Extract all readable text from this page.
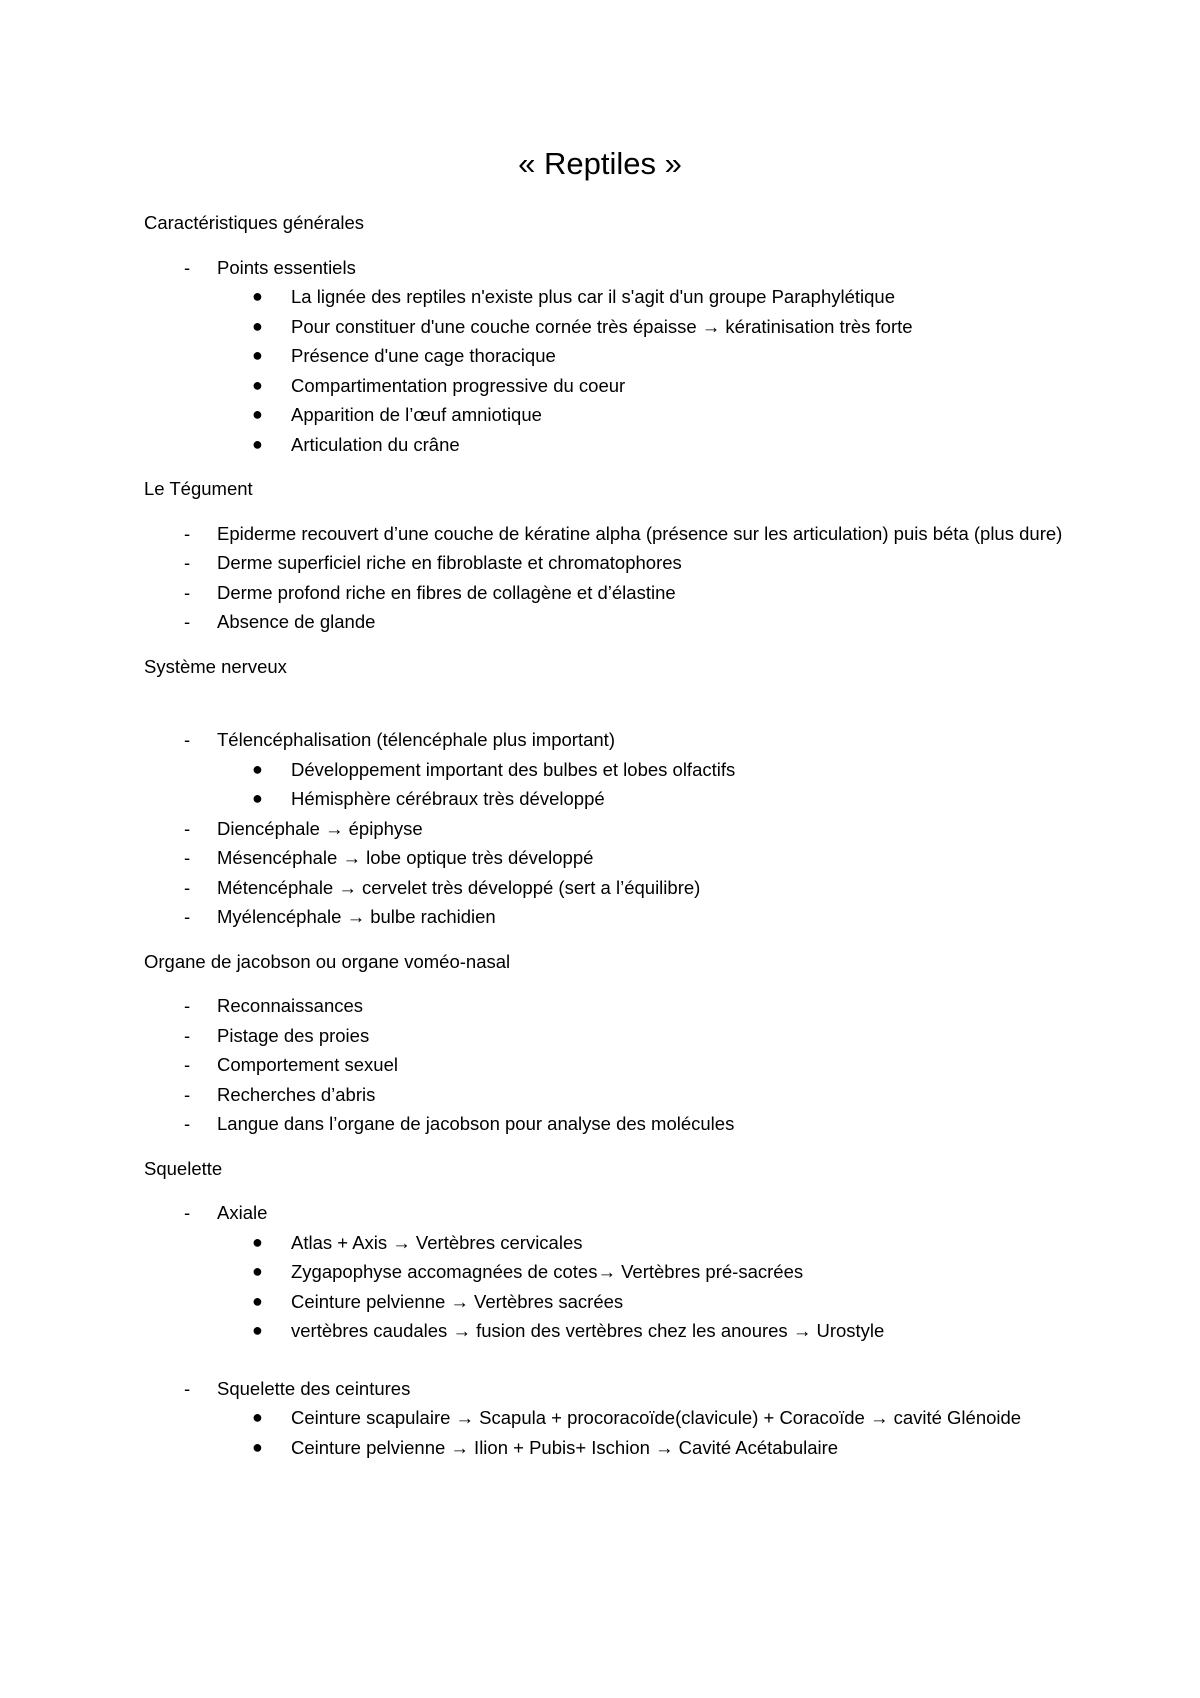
« Reptiles »
Caractéristiques générales
- Points essentiels
● La lignée des reptiles n'existe plus car il s'agit d'un groupe Paraphylétique
● Pour constituer d'une couche cornée très épaisse → kératinisation très forte
● Présence d'une cage thoracique
● Compartimentation progressive du coeur
● Apparition de l’œuf amniotique
● Articulation du crâne
Le Tégument
- Epiderme recouvert d’une couche de kératine alpha (présence sur les articulation) puis béta (plus dure)
- Derme superficiel riche en fibroblaste et chromatophores
- Derme profond riche en fibres de collagène et d’élastine
- Absence de glande
Système nerveux
- Télencéphalisation (télencéphale plus important)
● Développement important des bulbes et lobes olfactifs
● Hémisphère cérébraux très développé
- Diencéphale → épiphyse
- Mésencéphale → lobe optique très développé
- Métencéphale → cervelet très développé (sert a l’équilibre)
- Myélencéphale → bulbe rachidien
Organe de jacobson ou organe voméo-nasal
- Reconnaissances
- Pistage des proies
- Comportement sexuel
- Recherches d’abris
- Langue dans l’organe de jacobson pour analyse des molécules
Squelette
- Axiale
● Atlas + Axis → Vertèbres cervicales
● Zygapophyse accomagnées de cotes→ Vertèbres pré-sacrées
● Ceinture pelvienne → Vertèbres sacrées
● vertèbres caudales → fusion des vertèbres chez les anoures → Urostyle
- Squelette des ceintures
● Ceinture scapulaire → Scapula + procoracoïde(clavicule) + Coracoïde → cavité Glénoide
● Ceinture pelvienne → Ilion + Pubis+ Ischion → Cavité Acétabulaire
